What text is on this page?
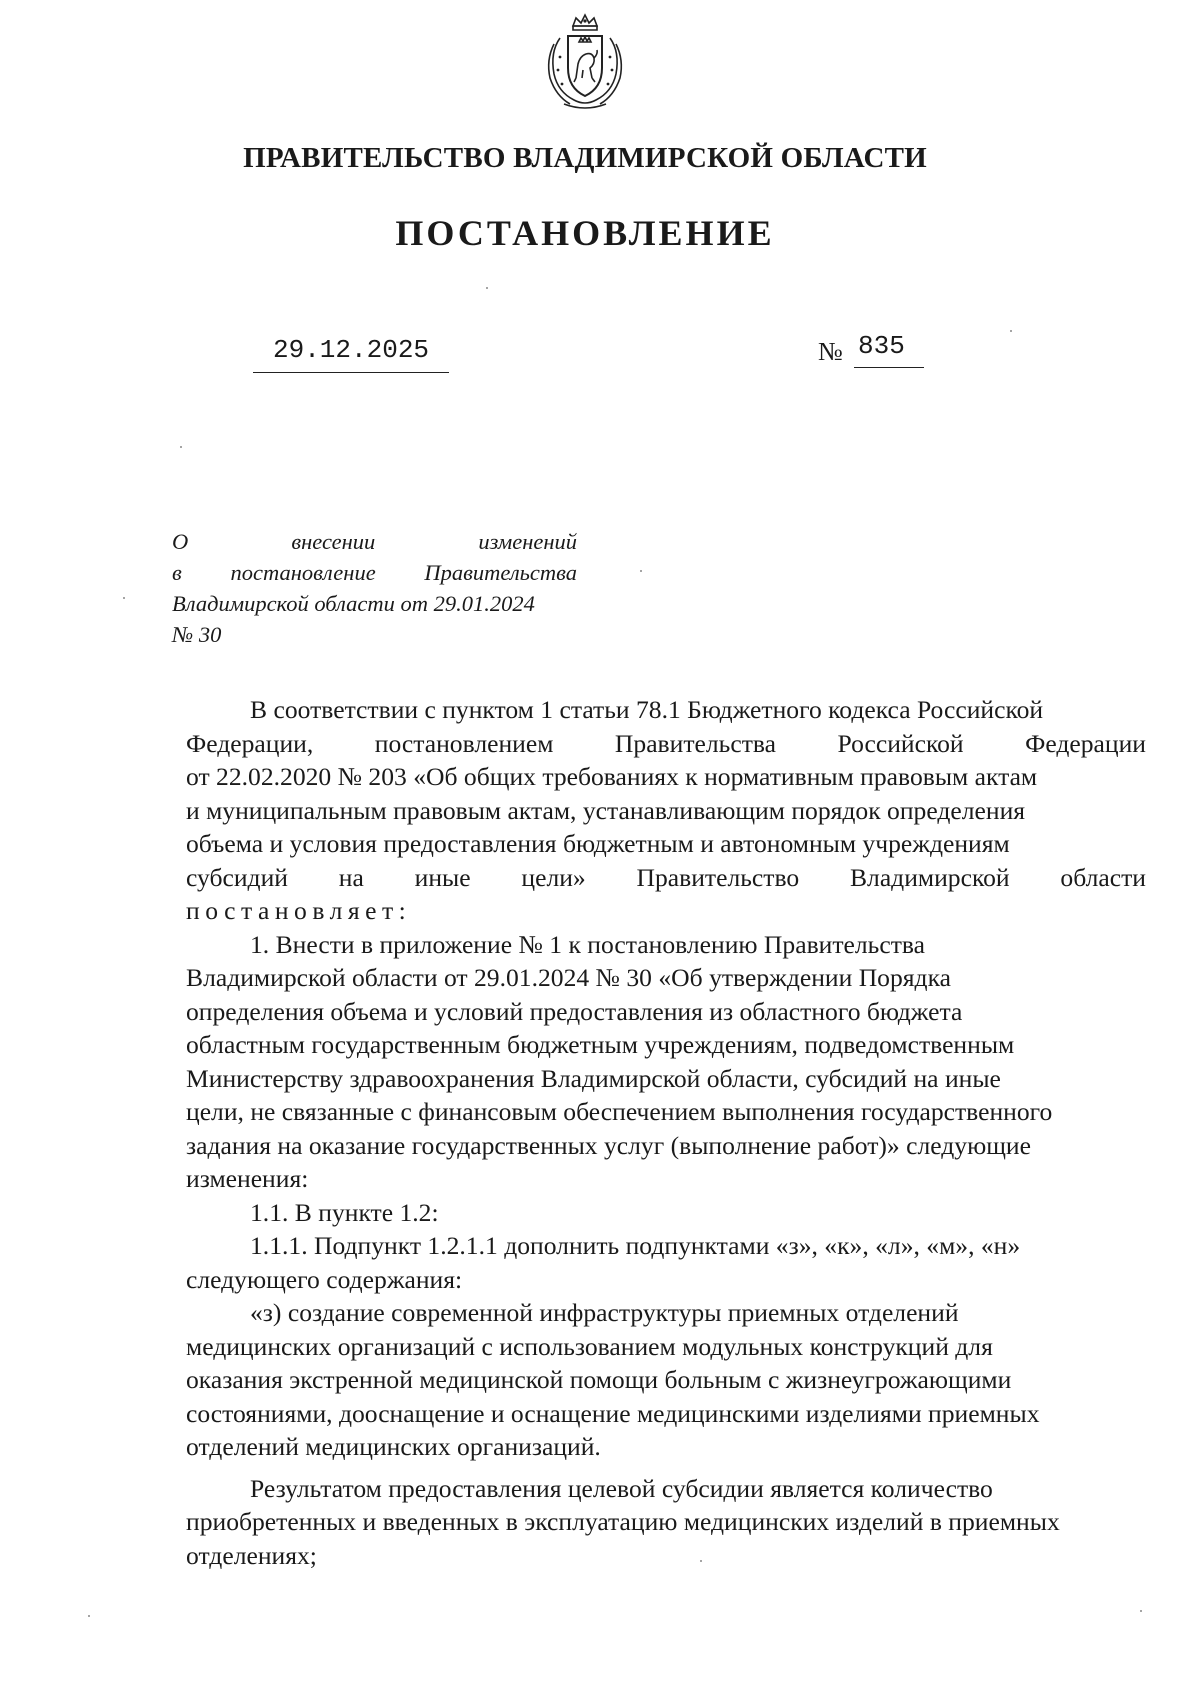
ПРАВИТЕЛЬСТВО ВЛАДИМИРСКОЙ ОБЛАСТИ
ПОСТАНОВЛЕНИЕ
29.12.2025	№ 835
О	внесении	изменений
в постановление Правительства
Владимирской области от 29.01.2024
№ 30
В соответствии с пунктом 1 статьи 78.1 Бюджетного кодекса Российской
Федерации, постановлением Правительства Российской Федерации
от 22.02.2020 № 203 «Об общих требованиях к нормативным правовым актам
и муниципальным правовым актам, устанавливающим порядок определения
объема и условия предоставления бюджетным и автономным учреждениям
субсидий на иные цели» Правительство Владимирской области
постановляет:
1. Внести в приложение № 1 к постановлению Правительства
Владимирской области от 29.01.2024 № 30 «Об утверждении Порядка
определения объема и условий предоставления из областного бюджета
областным государственным бюджетным учреждениям, подведомственным
Министерству здравоохранения Владимирской области, субсидий на иные
цели, не связанные с финансовым обеспечением выполнения государственного
задания на оказание государственных услуг (выполнение работ)» следующие
изменения:
1.1. В пункте 1.2:
1.1.1. Подпункт 1.2.1.1 дополнить подпунктами «з», «к», «л», «м», «н»
следующего содержания:
«з) создание современной инфраструктуры приемных отделений
медицинских организаций с использованием модульных конструкций для
оказания экстренной медицинской помощи больным с жизнеугрожающими
состояниями, дооснащение и оснащение медицинскими изделиями приемных
отделений медицинских организаций.
Результатом предоставления целевой субсидии является количество
приобретенных и введенных в эксплуатацию медицинских изделий в приемных
отделениях;
